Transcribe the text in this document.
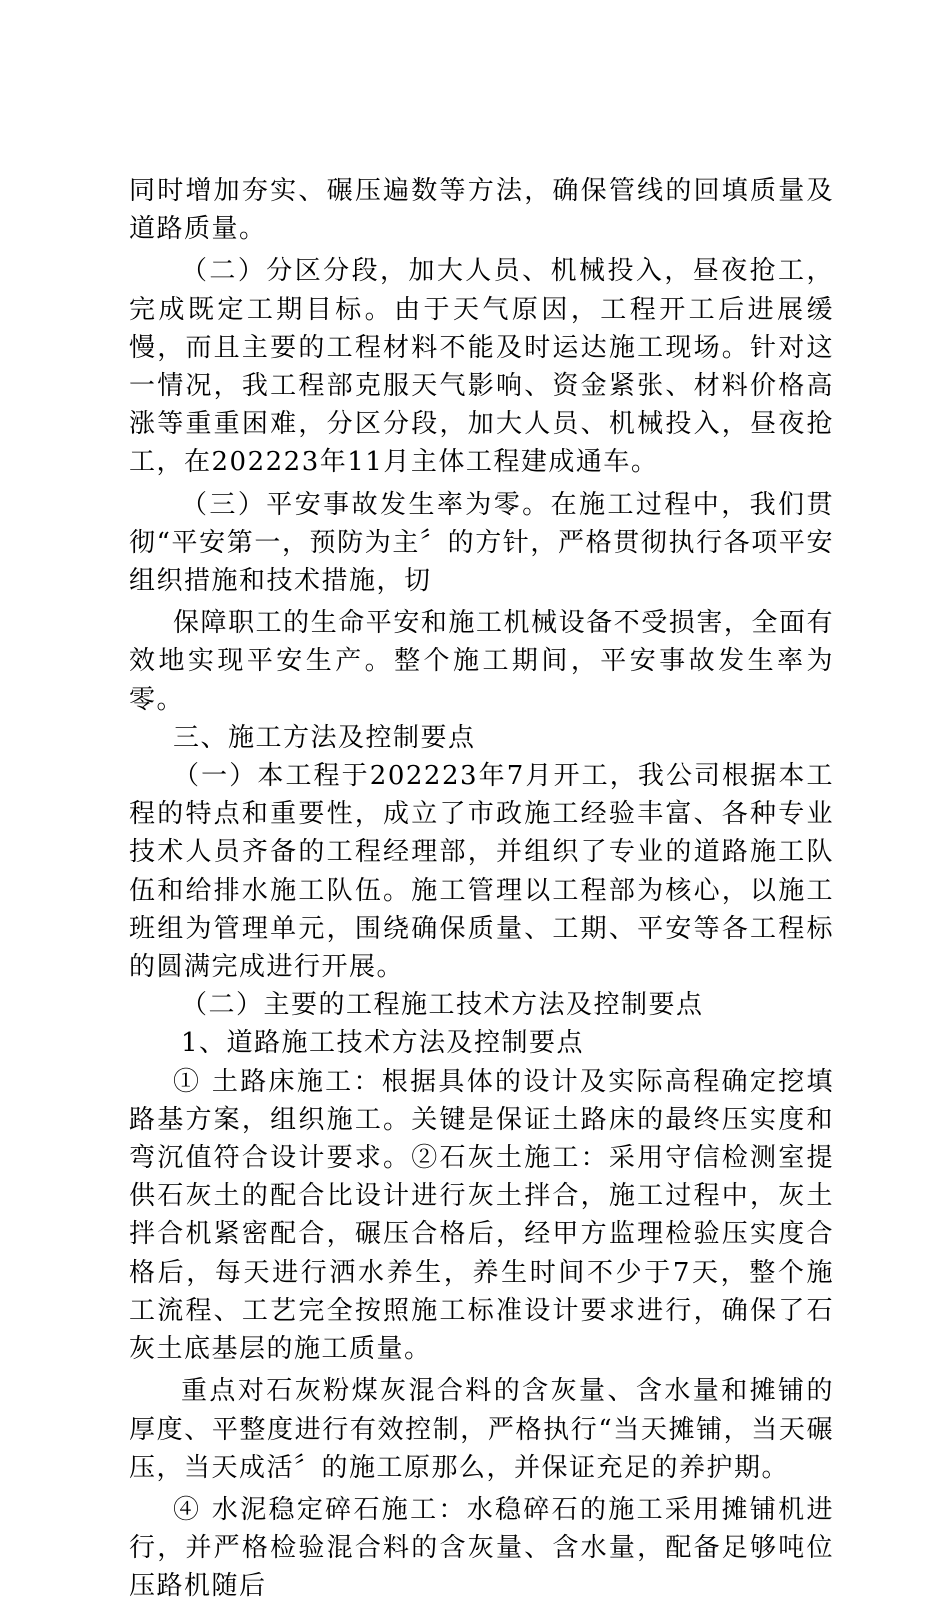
同时增加夯实、碾压遍数等方法，确保管线的回填质量及道路质量。

（二）分区分段，加大人员、机械投入，昼夜抢工，完成既定工期目标。由于天气原因，工程开工后进展缓慢，而且主要的工程材料不能及时运达施工现场。针对这一情况，我工程部克服天气影响、资金紧张、材料价格高涨等重重困难，分区分段，加大人员、机械投入，昼夜抢工，在202223年11月主体工程建成通车。

（三）平安事故发生率为零。在施工过程中，我们贯彻“平安第一，预防为主〞的方针，严格贯彻执行各项平安组织措施和技术措施，切

保障职工的生命平安和施工机械设备不受损害，全面有效地实现平安生产。整个施工期间，平安事故发生率为零。

三、施工方法及控制要点

（一）本工程于202223年7月开工，我公司根据本工程的特点和重要性，成立了市政施工经验丰富、各种专业技术人员齐备的工程经理部，并组织了专业的道路施工队伍和给排水施工队伍。施工管理以工程部为核心，以施工班组为管理单元，围绕确保质量、工期、平安等各工程标的圆满完成进行开展。

（二）主要的工程施工技术方法及控制要点

1、道路施工技术方法及控制要点

① 土路床施工：根据具体的设计及实际高程确定挖填路基方案，组织施工。关键是保证土路床的最终压实度和弯沉值符合设计要求。②石灰土施工：采用守信检测室提供石灰土的配合比设计进行灰土拌合，施工过程中，灰土拌合机紧密配合，碾压合格后，经甲方监理检验压实度合格后，每天进行洒水养生，养生时间不少于7天，整个施工流程、工艺完全按照施工标准设计要求进行，确保了石灰土底基层的施工质量。

重点对石灰粉煤灰混合料的含灰量、含水量和摊铺的厚度、平整度进行有效控制，严格执行“当天摊铺，当天碾压，当天成活〞的施工原那么，并保证充足的养护期。

④ 水泥稳定碎石施工：水稳碎石的施工采用摊铺机进行，并严格检验混合料的含灰量、含水量，配备足够吨位压路机随后
